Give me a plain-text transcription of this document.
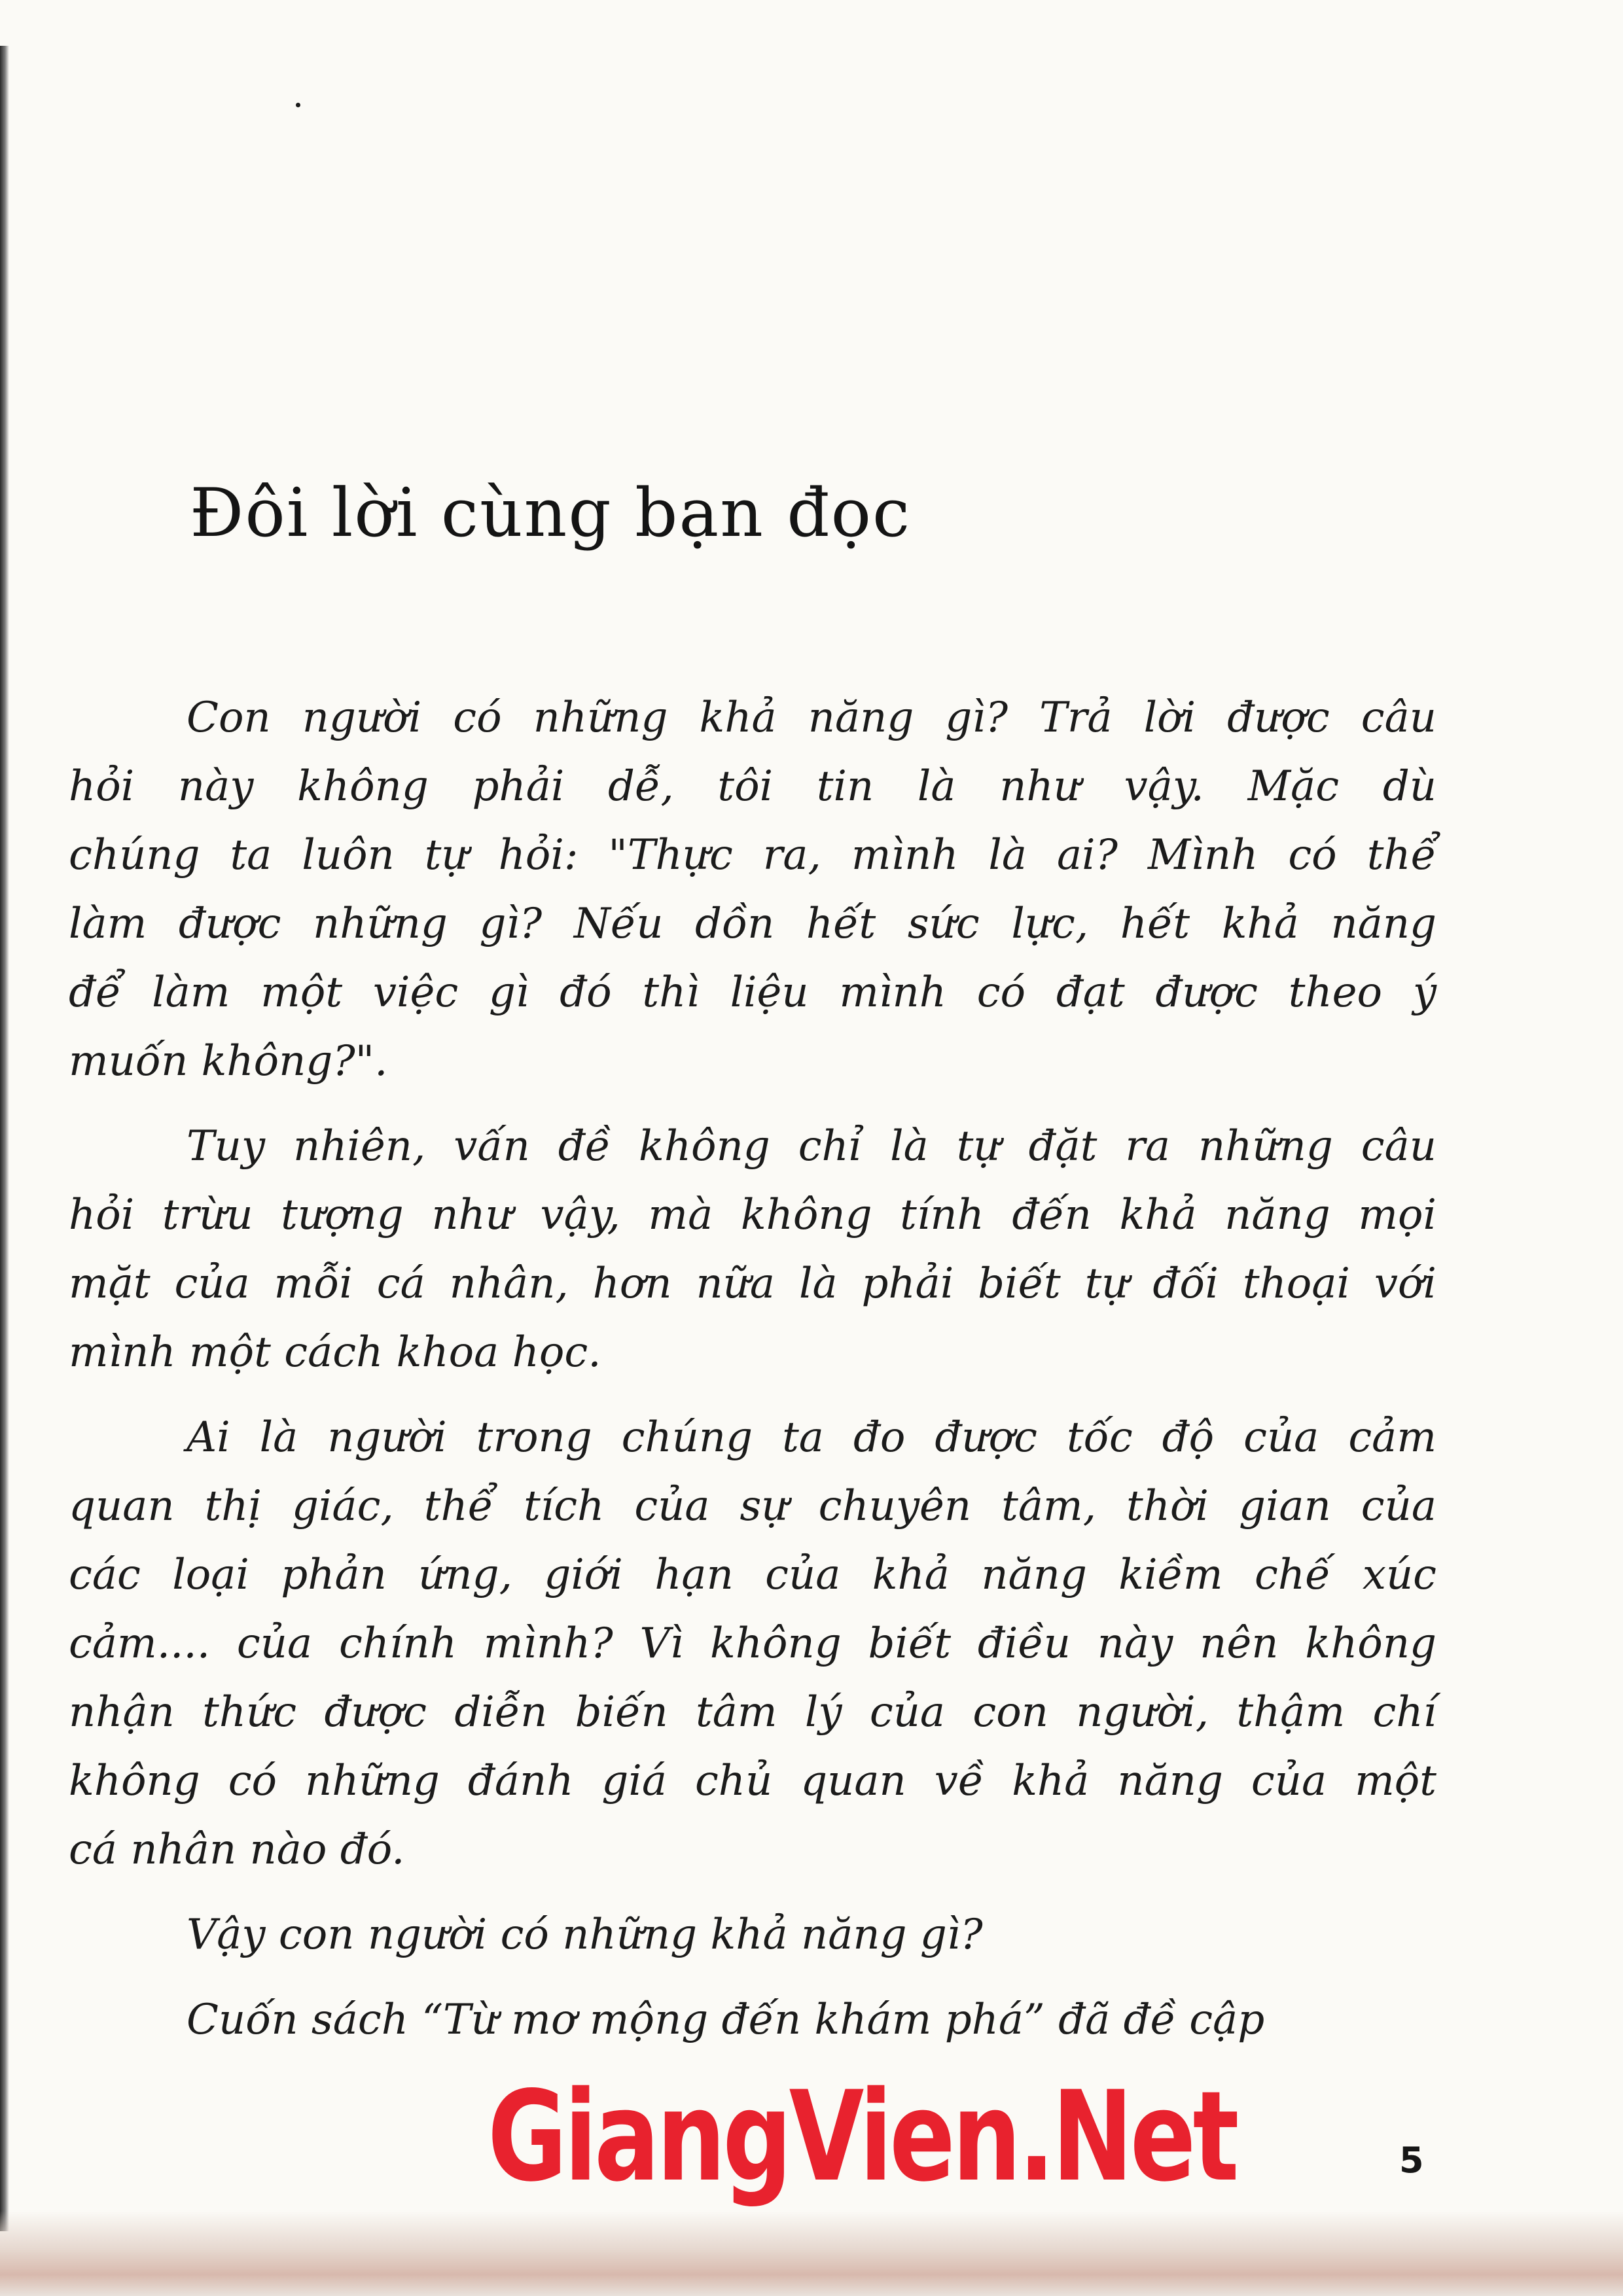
Đôi lời cùng bạn đọc
Con người có những khả năng gì? Trả lời được câu
hỏi này không phải dễ, tôi tin là như vậy. Mặc dù
chúng ta luôn tự hỏi: "Thực ra, mình là ai? Mình có thể
làm được những gì? Nếu dồn hết sức lực, hết khả năng
để làm một việc gì đó thì liệu mình có đạt được theo ý
muốn không?".
Tuy nhiên, vấn đề không chỉ là tự đặt ra những câu
hỏi trừu tượng như vậy, mà không tính đến khả năng mọi
mặt của mỗi cá nhân, hơn nữa là phải biết tự đối thoại với
mình một cách khoa học.
Ai là người trong chúng ta đo được tốc độ của cảm
quan thị giác, thể tích của sự chuyên tâm, thời gian của
các loại phản ứng, giới hạn của khả năng kiềm chế xúc
cảm.... của chính mình? Vì không biết điều này nên không
nhận thức được diễn biến tâm lý của con người, thậm chí
không có những đánh giá chủ quan về khả năng của một
cá nhân nào đó.
Vậy con người có những khả năng gì?
Cuốn sách “Từ mơ mộng đến khám phá” đã đề cập

GiangVien.Net	5
